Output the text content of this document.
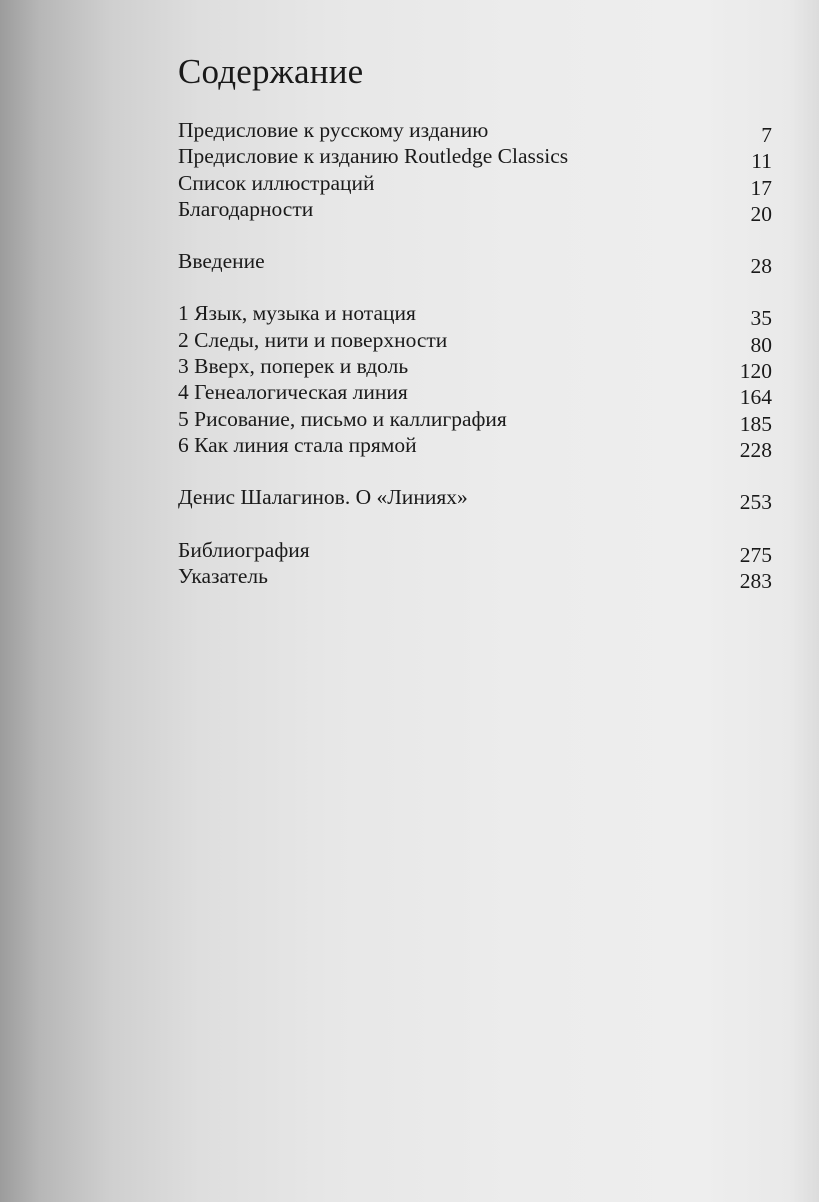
Содержание
Предисловие к русскому изданию	7
Предисловие к изданию Routledge Classics	11
Список иллюстраций	17
Благодарности	20
Введение	28
1 Язык, музыка и нотация	35
2 Следы, нити и поверхности	80
3 Вверх, поперек и вдоль	120
4 Генеалогическая линия	164
5 Рисование, письмо и каллиграфия	185
6 Как линия стала прямой	228
Денис Шалагинов. О «Линиях»	253
Библиография	275
Указатель	283
